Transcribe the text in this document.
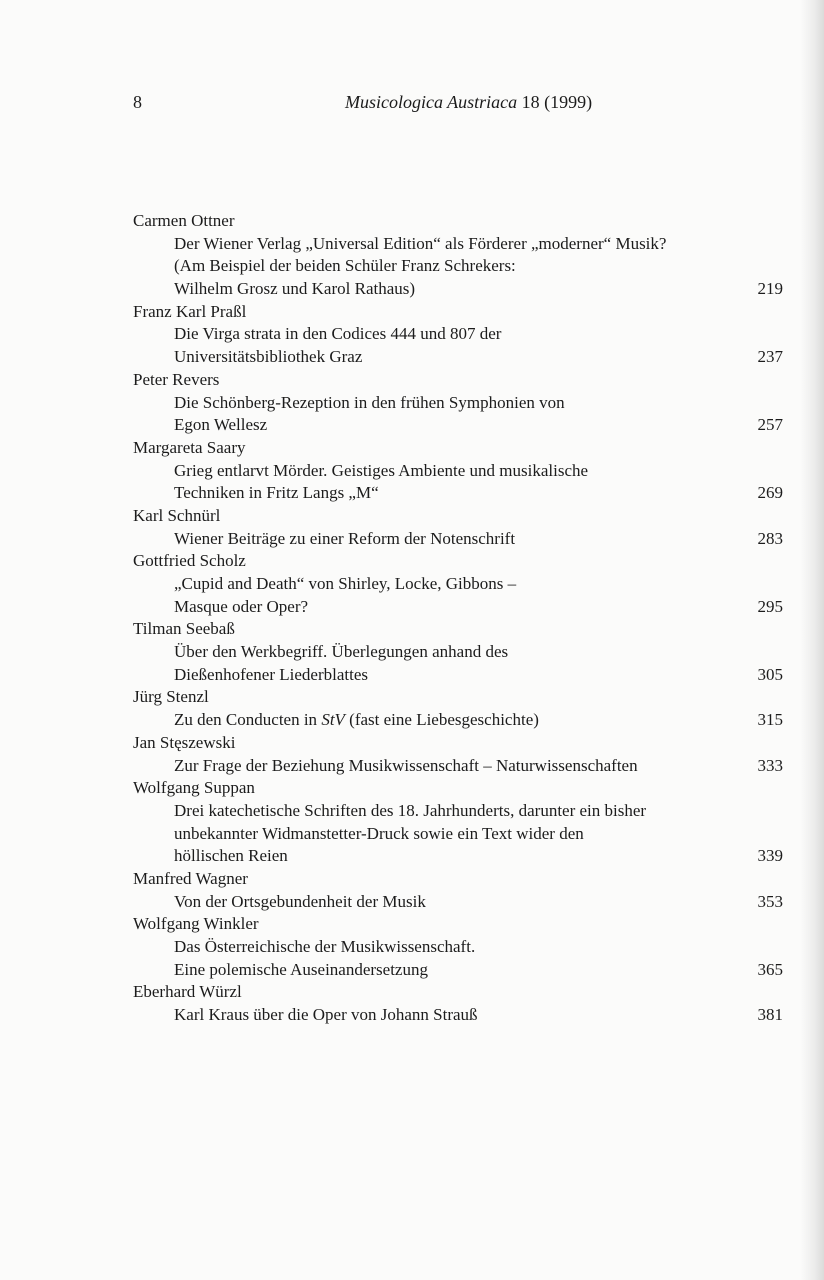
8	Musicologica Austriaca 18 (1999)
Carmen Ottner
Der Wiener Verlag „Universal Edition“ als Förderer „moderner“ Musik?
(Am Beispiel der beiden Schüler Franz Schrekers:
Wilhelm Grosz und Karol Rathaus)	219
Franz Karl Praßl
Die Virga strata in den Codices 444 und 807 der
Universitätsbibliothek Graz	237
Peter Revers
Die Schönberg-Rezeption in den frühen Symphonien von
Egon Wellesz	257
Margareta Saary
Grieg entlarvt Mörder. Geistiges Ambiente und musikalische
Techniken in Fritz Langs „M“	269
Karl Schnürl
Wiener Beiträge zu einer Reform der Notenschrift	283
Gottfried Scholz
„Cupid and Death“ von Shirley, Locke, Gibbons –
Masque oder Oper?	295
Tilman Seebaß
Über den Werkbegriff. Überlegungen anhand des
Dießenhofener Liederblattes	305
Jürg Stenzl
Zu den Conducten in StV (fast eine Liebesgeschichte)	315
Jan Stęszewski
Zur Frage der Beziehung Musikwissenschaft – Naturwissenschaften	333
Wolfgang Suppan
Drei katechetische Schriften des 18. Jahrhunderts, darunter ein bisher
unbekannter Widmanstetter-Druck sowie ein Text wider den
höllischen Reien	339
Manfred Wagner
Von der Ortsgebundenheit der Musik	353
Wolfgang Winkler
Das Österreichische der Musikwissenschaft.
Eine polemische Auseinandersetzung	365
Eberhard Würzl
Karl Kraus über die Oper von Johann Strauß	381
